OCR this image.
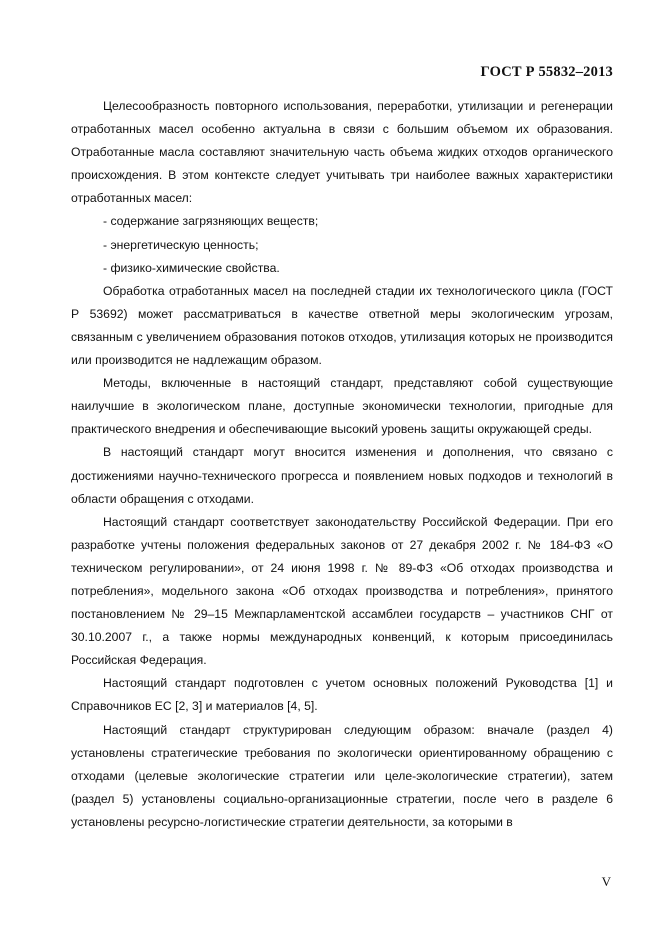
ГОСТ Р 55832–2013

Целесообразность повторного использования, переработки, утилизации и регенерации отработанных масел особенно актуальна в связи с большим объемом их образования. Отработанные масла составляют значительную часть объема жидких отходов органического происхождения. В этом контексте следует учитывать три наиболее важных характеристики отработанных масел:

- содержание загрязняющих веществ;
- энергетическую ценность;
- физико-химические свойства.

Обработка отработанных масел на последней стадии их технологического цикла (ГОСТ Р 53692) может рассматриваться в качестве ответной меры экологическим угрозам, связанным с увеличением образования потоков отходов, утилизация которых не производится или производится не надлежащим образом.

Методы, включенные в настоящий стандарт, представляют собой существующие наилучшие в экологическом плане, доступные экономически технологии, пригодные для практического внедрения и обеспечивающие высокий уровень защиты окружающей среды.

В настоящий стандарт могут вносится изменения и дополнения, что связано с достижениями научно-технического прогресса и появлением новых подходов и технологий в области обращения с отходами.

Настоящий стандарт соответствует законодательству Российской Федерации. При его разработке учтены положения федеральных законов от 27 декабря 2002 г. № 184-ФЗ «О техническом регулировании», от 24 июня 1998 г. № 89-ФЗ «Об отходах производства и потребления», модельного закона «Об отходах производства и потребления», принятого постановлением № 29–15 Межпарламентской ассамблеи государств – участников СНГ от 30.10.2007 г., а также нормы международных конвенций, к которым присоединилась Российская Федерация.

Настоящий стандарт подготовлен с учетом основных положений Руководства [1] и Справочников ЕС [2, 3] и материалов [4, 5].

Настоящий стандарт структурирован следующим образом: вначале (раздел 4) установлены стратегические требования по экологически ориентированному обращению с отходами (целевые экологические стратегии или целе-экологические стратегии), затем (раздел 5) установлены социально-организационные стратегии, после чего в разделе 6 установлены ресурсно-логистические стратегии деятельности, за которыми в

V
